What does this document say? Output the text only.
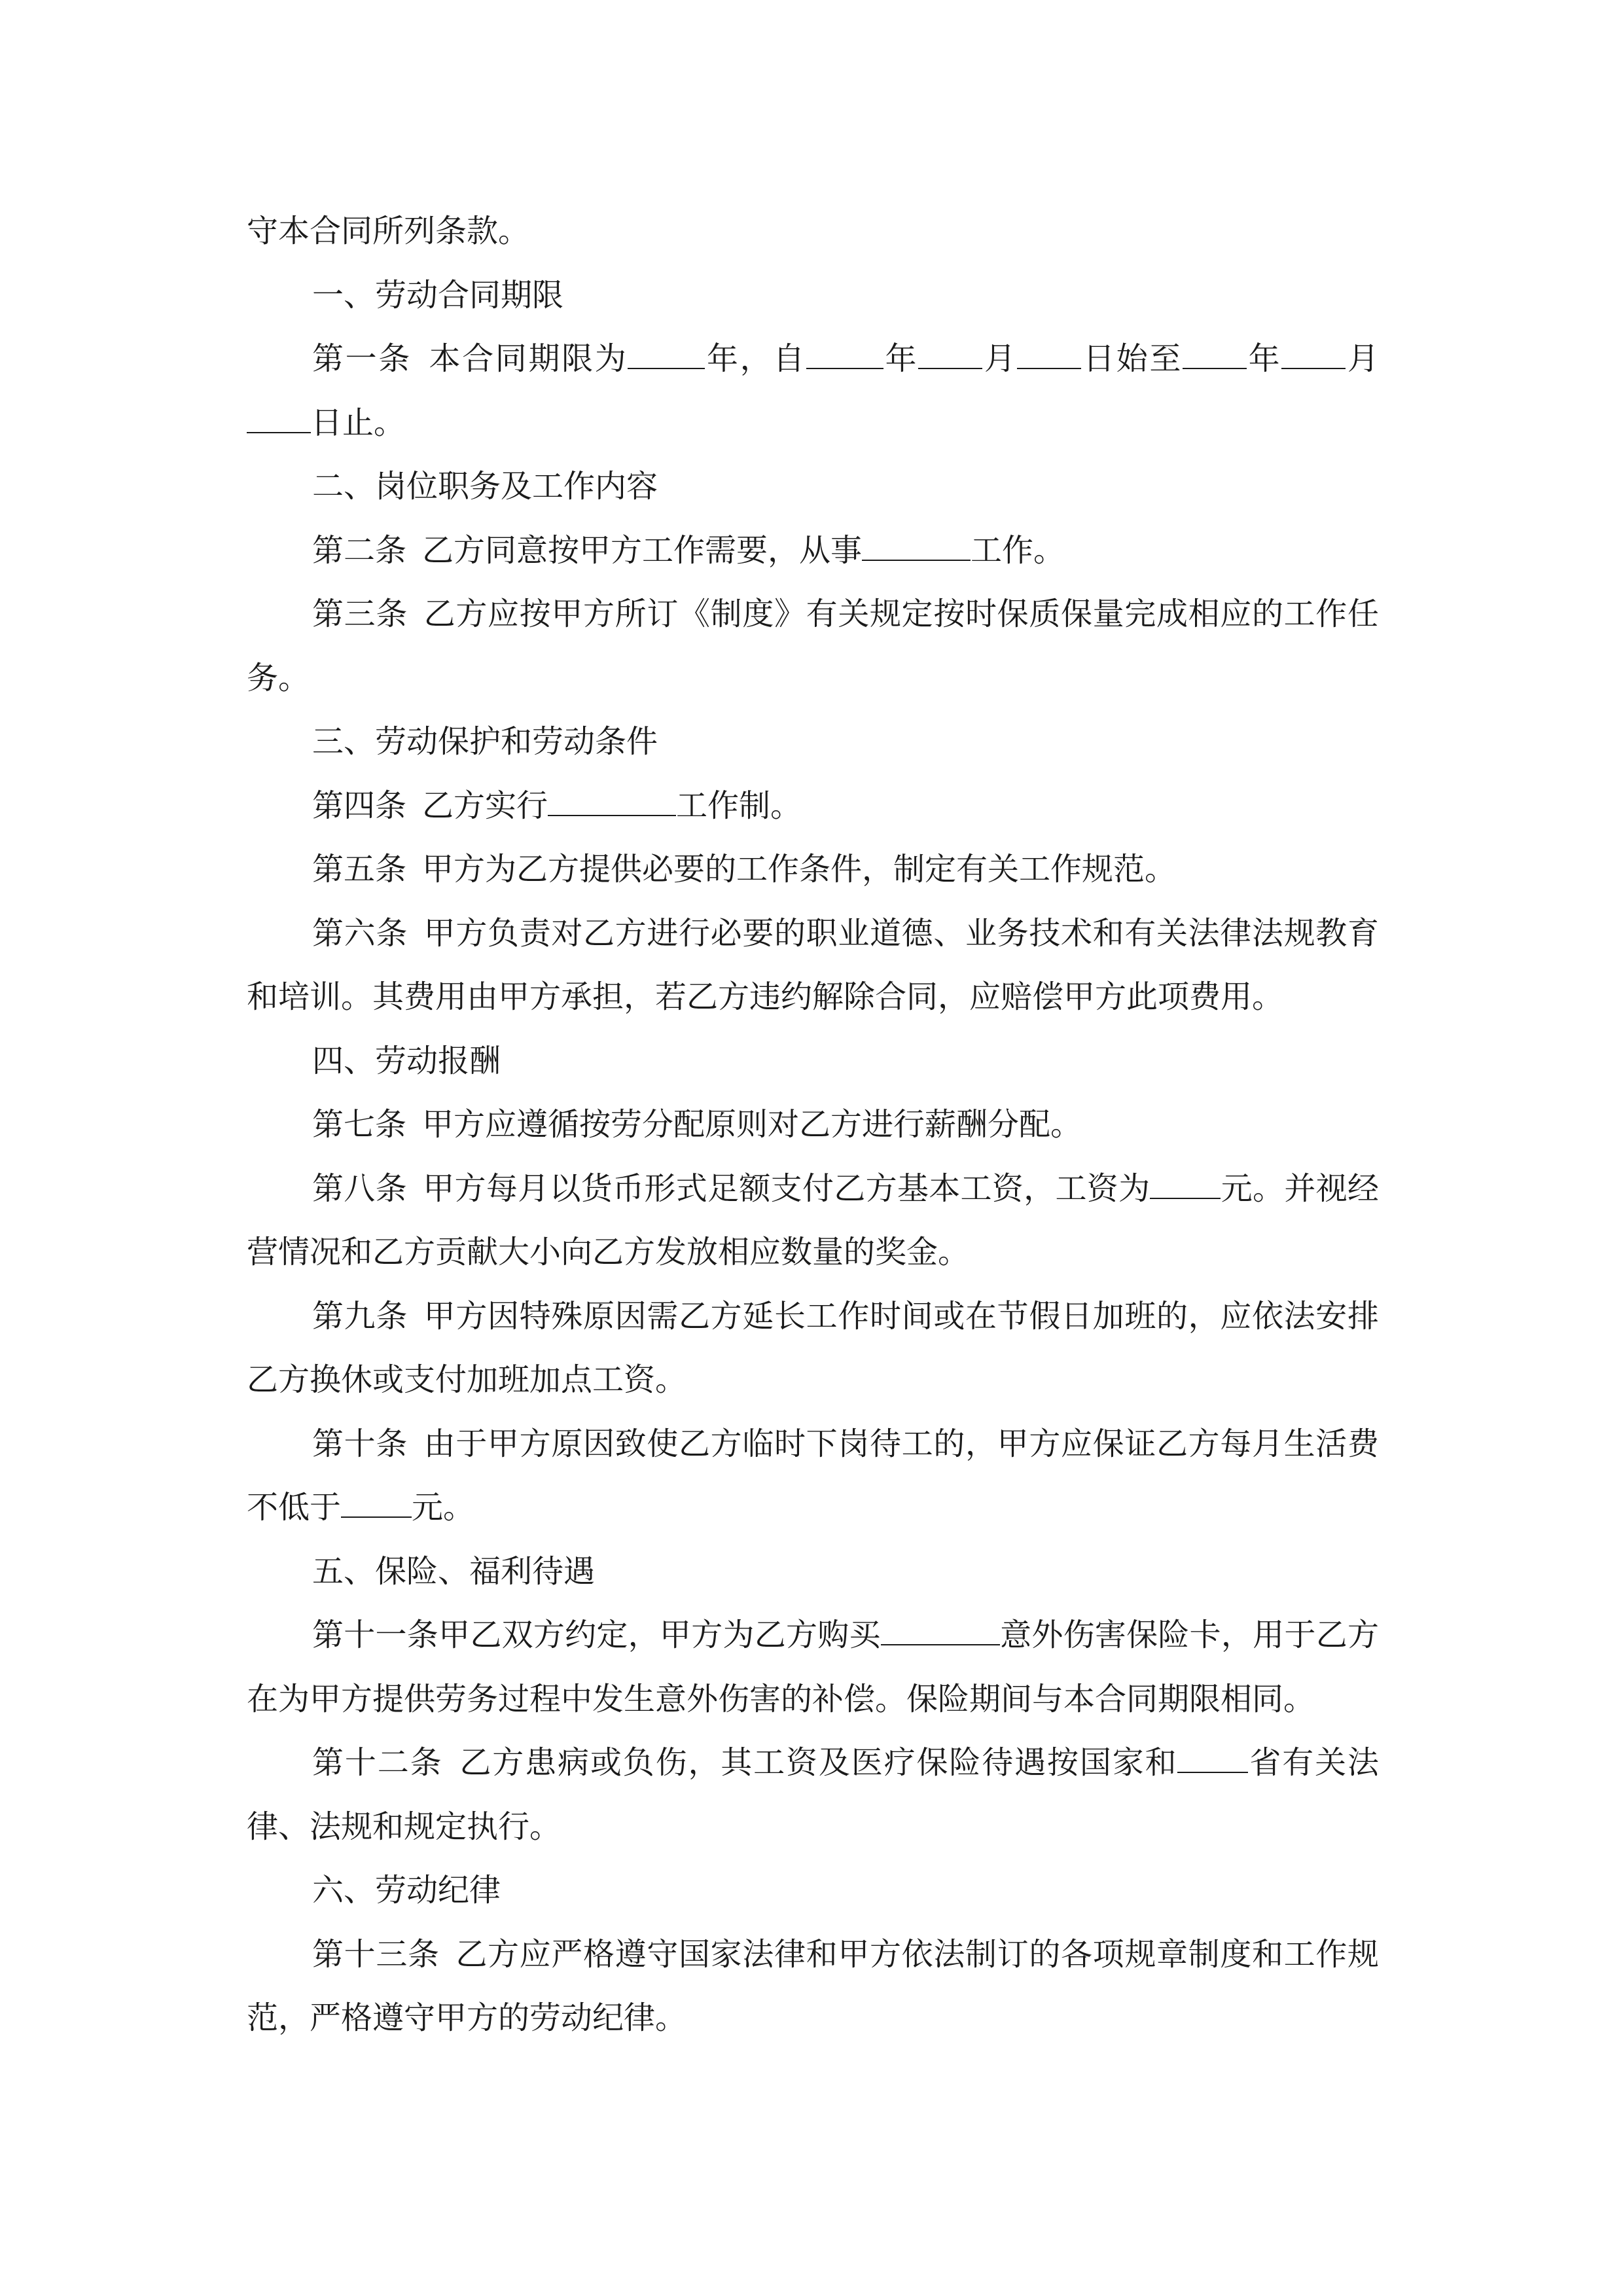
守本合同所列条款。

一、劳动合同期限

第一条 本合同期限为 年，自 年 月 日始至 年 月日止。

二、岗位职务及工作内容

第二条 乙方同意按甲方工作需要，从事	工作。

第三条 乙方应按甲方所订《制度》有关规定按时保质保量完成相应的工作任务。

三、劳动保护和劳动条件

第四条 乙方实行	工作制。

第五条 甲方为乙方提供必要的工作条件，制定有关工作规范。

第六条 甲方负责对乙方进行必要的职业道德、业务技术和有关法律法规教育和培训。其费用由甲方承担，若乙方违约解除合同，应赔偿甲方此项费用。

四、劳动报酬

第七条 甲方应遵循按劳分配原则对乙方进行薪酬分配。

第八条 甲方每月以货币形式足额支付乙方基本工资，工资为 元。并视经营情况和乙方贡献大小向乙方发放相应数量的奖金。

第九条 甲方因特殊原因需乙方延长工作时间或在节假日加班的，应依法安排乙方换休或支付加班加点工资。

第十条 由于甲方原因致使乙方临时下岗待工的，甲方应保证乙方每月生活费不低于 元。

五、保险、福利待遇

第十一条甲乙双方约定，甲方为乙方购买	意外伤害保险卡，用于乙方在为甲方提供劳务过程中发生意外伤害的补偿。保险期间与本合同期限相同。

第十二条 乙方患病或负伤，其工资及医疗保险待遇按国家和 省有关法律、法规和规定执行。

六、劳动纪律

第十三条 乙方应严格遵守国家法律和甲方依法制订的各项规章制度和工作规范，严格遵守甲方的劳动纪律。
